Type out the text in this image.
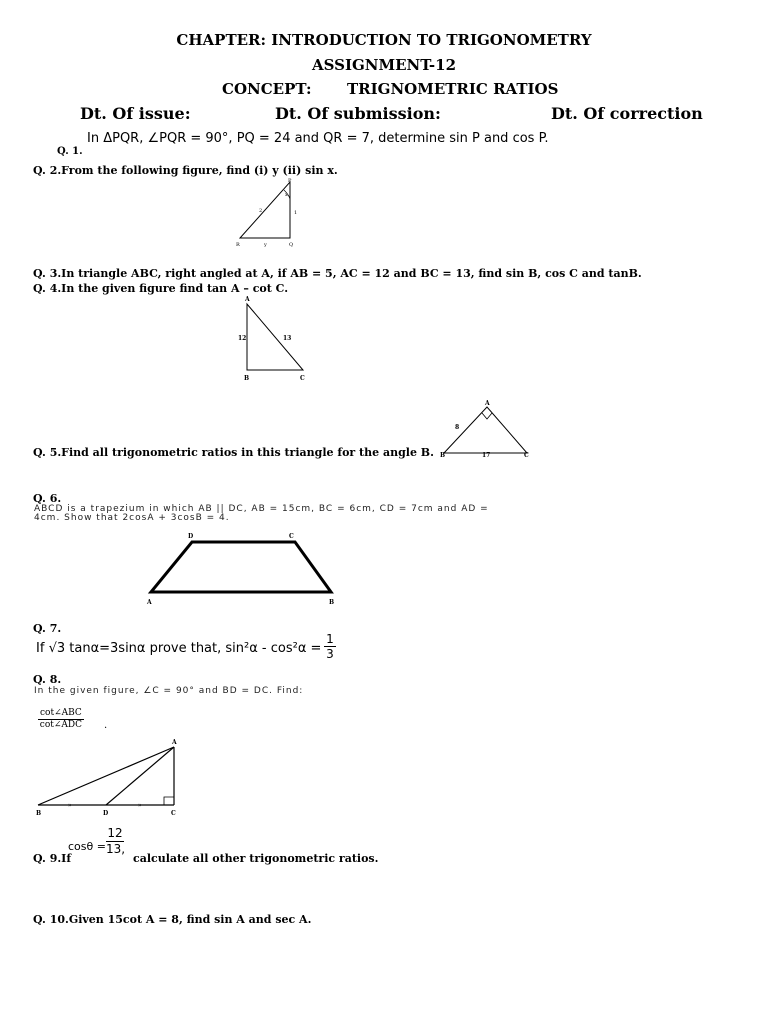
CHAPTER: INTRODUCTION TO TRIGONOMETRY
ASSIGNMENT-12
CONCEPT: TRIGNOMETRIC RATIOS
Dt. Of issue:	Dt. Of submission:	Dt. Of correction
In ΔPQR, ∠PQR = 90°, PQ = 24 and QR = 7, determine sin P and cos P.
Q. 1.
Q. 2.From the following figure, find (i) y (ii) sin x.
P
Q
R
2	1
y
x
Q. 3.In triangle ABC, right angled at A, if AB = 5, AC = 12 and BC = 13, find sin B, cos C and tanB.
Q. 4.In the given figure find tan A – cot C.
A
B	C
12	13
A
B	C
8
17
Q. 5.Find all trigonometric ratios in this triangle for the angle B.
Q. 6.
ABCD is a trapezium in which AB || DC, AB = 15cm, BC = 6cm, CD = 7cm and AD =
4cm. Show that 2cosA + 3cosB = 4.
A	B
C
D
Q. 7.
If √3 tanα=3sinα prove that, $\sin^2\alpha - \cos^2\alpha = \frac{1}{3}$
Q. 8.
In the given figure, ∠C = 90° and BD = DC. Find:
cot∠ABC
cot∠ADC .
»	»
A
B	C
D
Q. 9.If
$\cos\theta = \frac{12}{13,}$
calculate all other trigonometric ratios.
Q. 10.Given 15cot A = 8, find sin A and sec A.
